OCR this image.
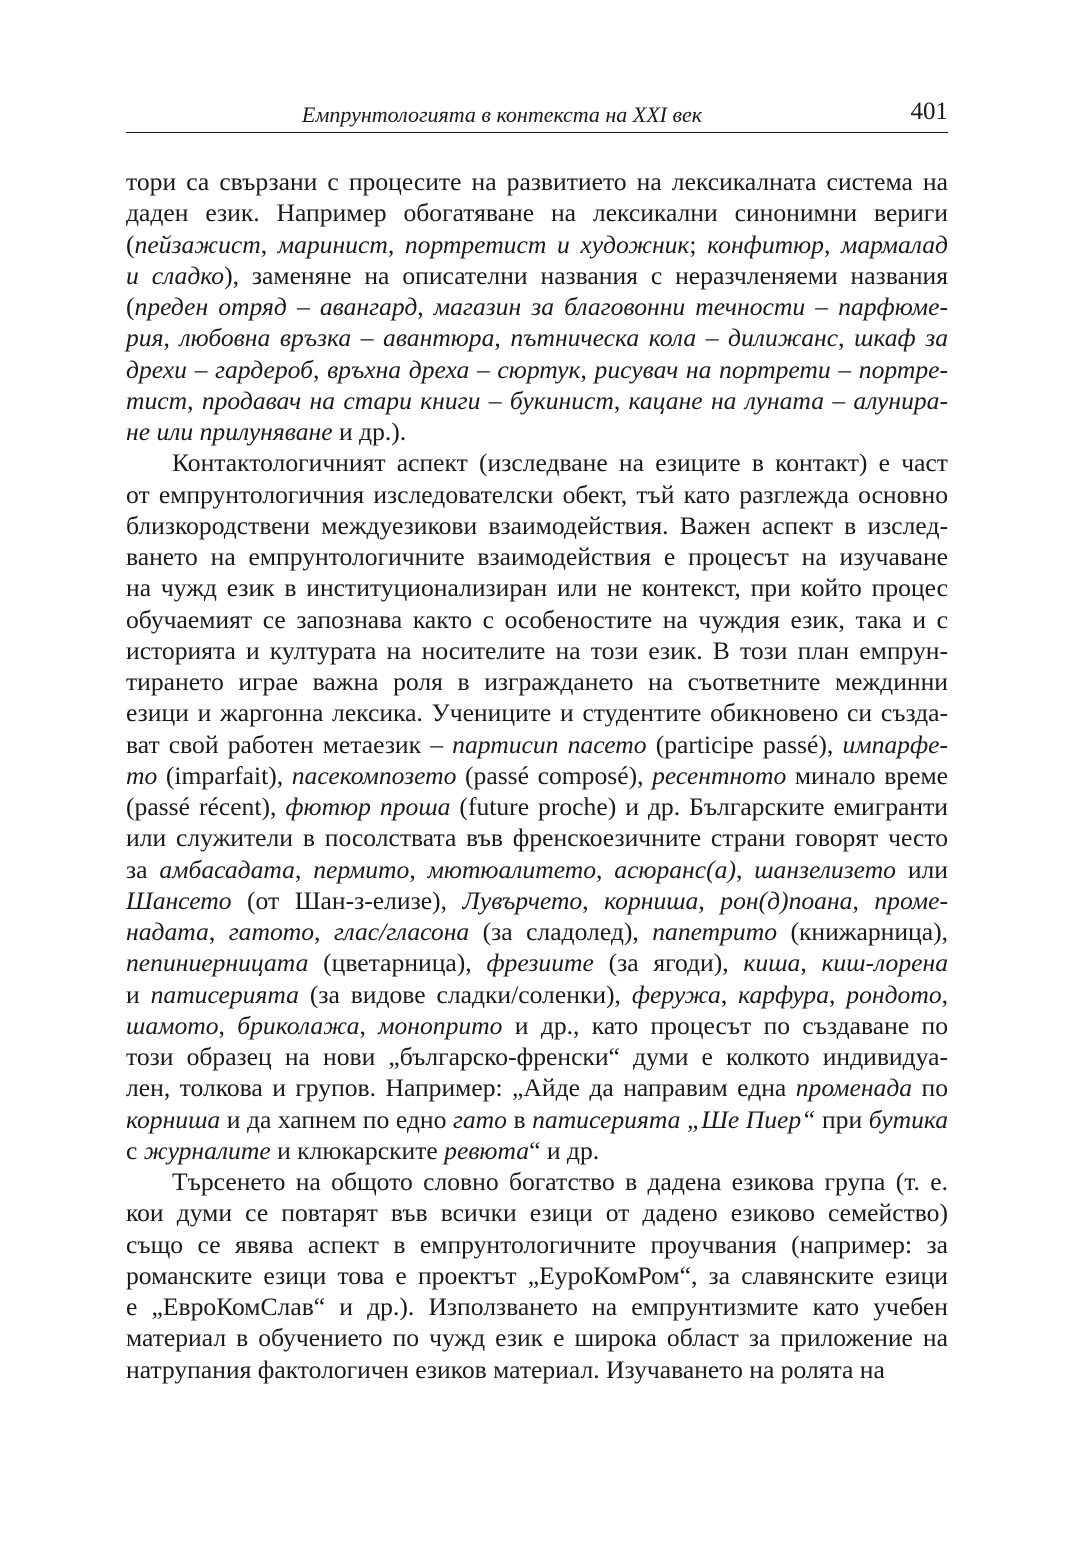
Емпрунтологията в контекста на XXI век	401
тори са свързани с процесите на развитието на лексикалната система на
даден език. Например обогатяване на лексикални синонимни вериги
(пейзажист, маринист, портретист и художник; конфитюр, мармалад
и сладко), заменяне на описателни названия с неразчленяеми названия
(преден отряд – авангард, магазин за благовонни течности – парфюме-
рия, любовна връзка – авантюра, пътническа кола – дилижанс, шкаф за
дрехи – гардероб, връхна дреха – сюртук, рисувач на портрети – портре-
тист, продавач на стари книги – букинист, кацане на луната – алунира-
не или прилуняване и др.).
Контактологичният аспект (изследване на езиците в контакт) е част
от емпрунтологичния изследователски обект, тъй като разглежда основно
близкородствени междуезикови взаимодействия. Важен аспект в изслед-
ването на емпрунтологичните взаимодействия е процесът на изучаване
на чужд език в институционализиран или не контекст, при който процес
обучаемият се запознава както с особеностите на чуждия език, така и с
историята и културата на носителите на този език. В този план емпрун-
тирането играе важна роля в изграждането на съответните междинни
езици и жаргонна лексика. Учениците и студентите обикновено си създа-
ват свой работен метаезик – партисип пасето (participe passé), импарфе-
то (imparfait), пасекомпозето (passé composé), ресентното минало време
(passé récent), фютюр проша (future proche) и др. Българските емигранти
или служители в посолствата във френскоезичните страни говорят често
за амбасадата, пермито, мютюалитето, асюранс(а), шанзелизето или
Шансето (от Шан-з-елизе), Лувърчето, корниша, рон(д)поана, проме-
надата, гатото, глас/гласона (за сладолед), папетрито (книжарница),
пепиниерницата (цветарница), фрезиите (за ягоди), киша, киш-лорена
и патисерията (за видове сладки/соленки), феружа, карфура, рондото,
шамото, бриколажа, моноприто и др., като процесът по създаване по
този образец на нови „българско-френски“ думи е колкото индивидуа-
лен, толкова и групов. Например: „Айде да направим една променада по
корниша и да хапнем по едно гато в патисерията „Ше Пиер“ при бутика
с журналите и клюкарските ревюта“ и др.
Търсенето на общото словно богатство в дадена езикова група (т. е.
кои думи се повтарят във всички езици от дадено езиково семейство)
също се явява аспект в емпрунтологичните проучвания (например: за
романските езици това е проектът „ЕуроКомРом“, за славянските езици
е „ЕвроКомСлав“ и др.). Използването на емпрунтизмите като учебен
материал в обучението по чужд език е широка област за приложение на
натрупания фактологичен езиков материал. Изучаването на ролята на
